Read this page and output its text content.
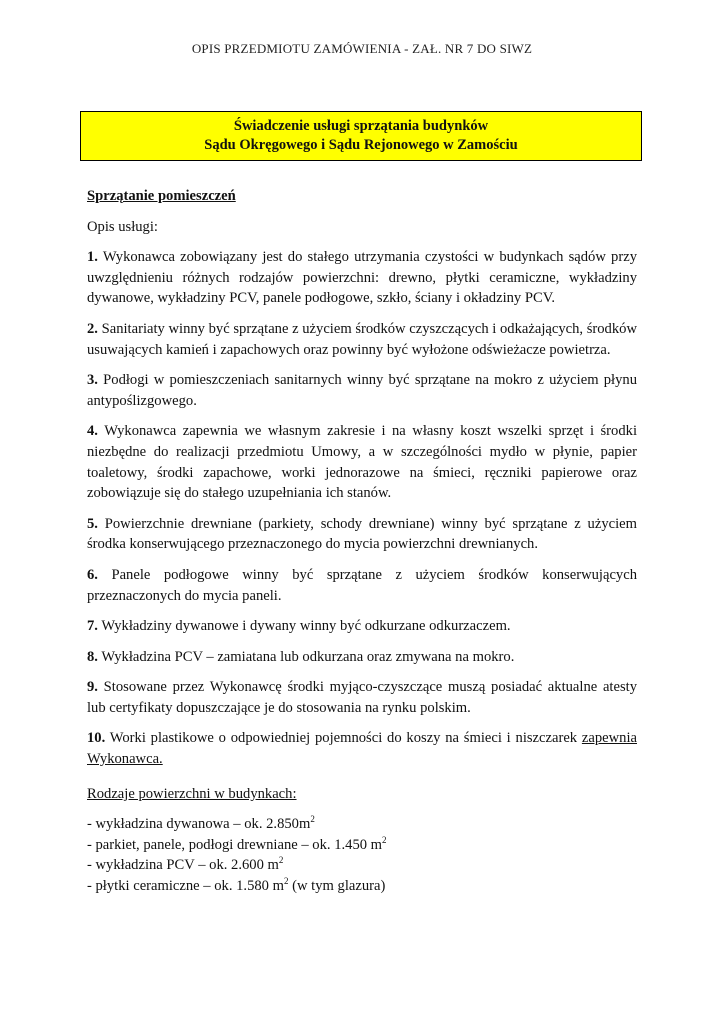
OPIS PRZEDMIOTU ZAMÓWIENIA - ZAŁ. NR 7 DO SIWZ
Świadczenie usługi sprzątania budynków
Sądu Okręgowego i Sądu Rejonowego w Zamościu

Sprzątanie pomieszczeń

Opis usługi:

1. Wykonawca zobowiązany jest do stałego utrzymania czystości w budynkach sądów przy uwzględnieniu różnych rodzajów powierzchni: drewno, płytki ceramiczne, wykładziny dywanowe, wykładziny PCV, panele podłogowe, szkło, ściany i okładziny PCV.

2. Sanitariaty winny być sprzątane z użyciem środków czyszczących i odkażających, środków usuwających kamień i zapachowych oraz powinny być wyłożone odświeżacze powietrza.

3. Podłogi w pomieszczeniach sanitarnych winny być sprzątane na mokro z użyciem płynu antypoślizgowego.

4. Wykonawca zapewnia we własnym zakresie i na własny koszt wszelki sprzęt i środki niezbędne do realizacji przedmiotu Umowy, a w szczególności mydło w płynie, papier toaletowy, środki zapachowe, worki jednorazowe na śmieci, ręczniki papierowe oraz zobowiązuje się do stałego uzupełniania ich stanów.

5. Powierzchnie drewniane (parkiety, schody drewniane) winny być sprzątane z użyciem środka konserwującego przeznaczonego do mycia powierzchni drewnianych.

6. Panele podłogowe winny być sprzątane z użyciem środków konserwujących przeznaczonych do mycia paneli.

7. Wykładziny dywanowe i dywany winny być odkurzane odkurzaczem.

8. Wykładzina PCV – zamiatana lub odkurzana oraz zmywana na mokro.

9. Stosowane przez Wykonawcę środki myjąco-czyszczące muszą posiadać aktualne atesty lub certyfikaty dopuszczające je do stosowania na rynku polskim.

10. Worki plastikowe o odpowiedniej pojemności do koszy na śmieci i niszczarek zapewnia Wykonawca.

Rodzaje powierzchni w budynkach:

- wykładzina dywanowa – ok. $2.850m^2$

- parkiet, panele, podłogi drewniane – ok. 1.450 $m^2$

- wykładzina PCV – ok. 2.600 $m^2$

- płytki ceramiczne – ok. 1.580 $m^2$ (w tym glazura)
